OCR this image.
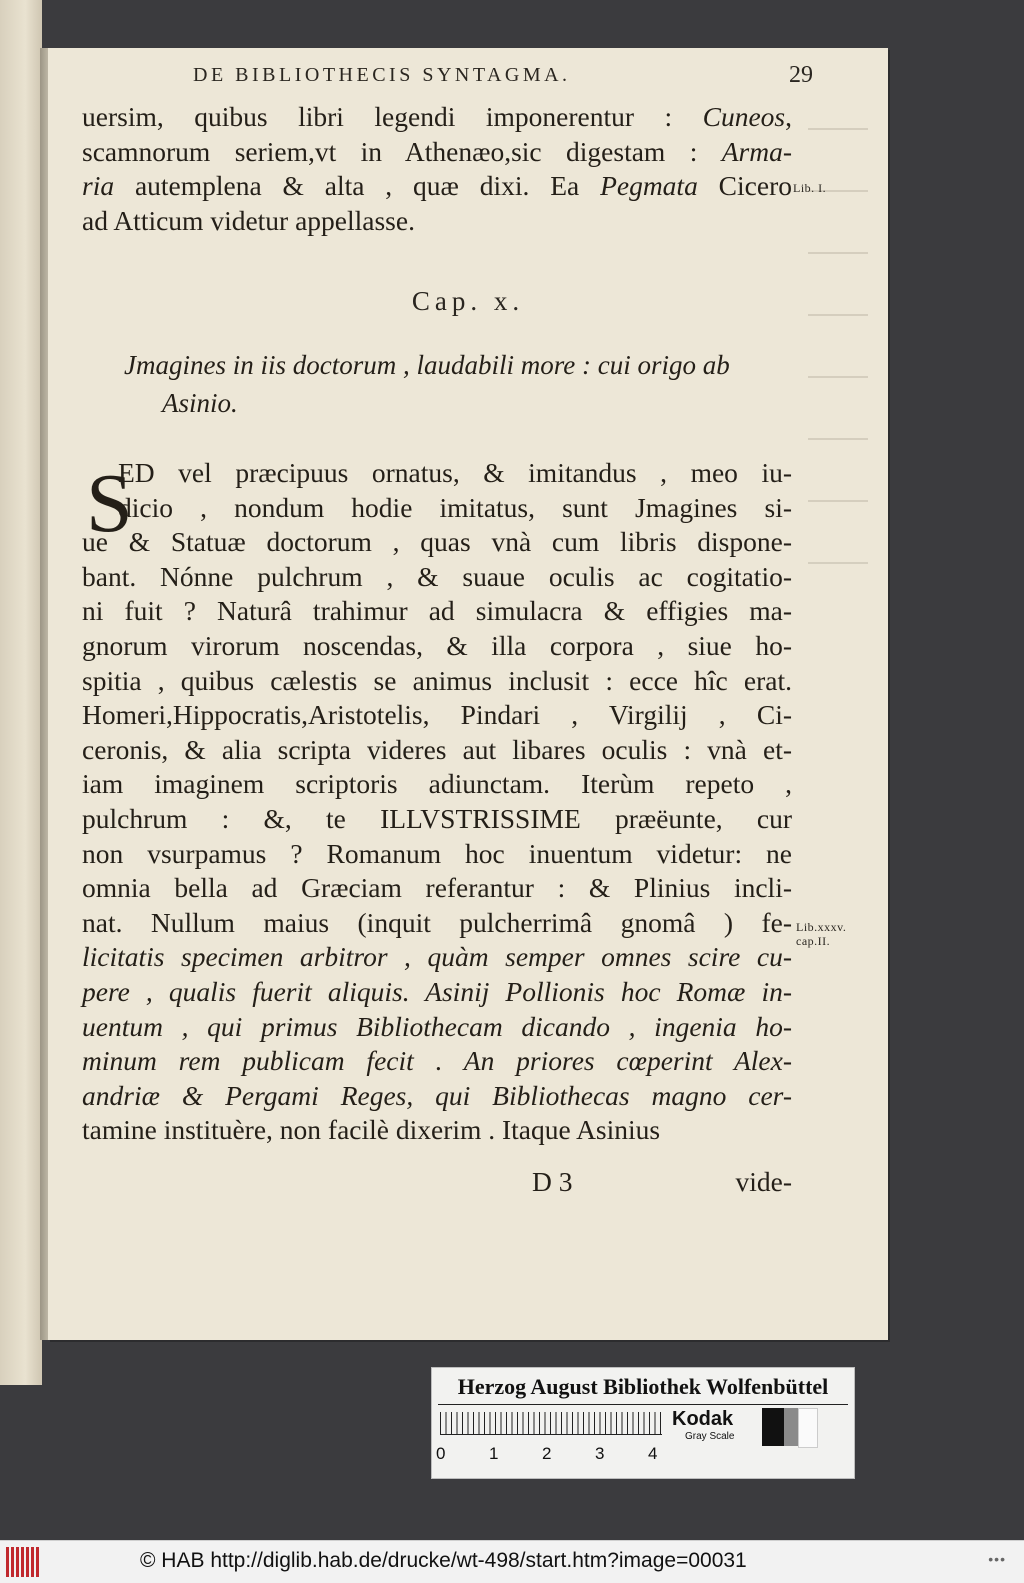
DE BIBLIOTHECIS SYNTAGMA.	29
uersim, quibus libri legendi imponerentur : Cuneos,
scamnorum seriem,vt in Athenæo,sic digestam : Arma-
ria autemplena & alta , quæ dixi. Ea Pegmata Cicero
ad Atticum videtur appellasse.
Lib. I.
Cap. x.
Jmagines in iis doctorum , laudabili more : cui origo ab
Asinio.
S
ED vel præcipuus ornatus, & imitandus , meo iu-
dicio , nondum hodie imitatus, sunt Jmagines si-
ue & Statuæ doctorum , quas vnà cum libris dispone-
bant. Nónne pulchrum , & suaue oculis ac cogitatio-
ni fuit ? Naturâ trahimur ad simulacra & effigies ma-
gnorum virorum noscendas, & illa corpora , siue ho-
spitia , quibus cælestis se animus inclusit : ecce hîc erat.
Homeri,Hippocratis,Aristotelis, Pindari , Virgilij , Ci-
ceronis, & alia scripta videres aut libares oculis : vnà et-
iam imaginem scriptoris adiunctam. Iterùm repeto ,
pulchrum : &, te ILLVSTRISSIME præëunte, cur
non vsurpamus ? Romanum hoc inuentum videtur: ne
omnia bella ad Græciam referantur : & Plinius incli-
nat. Nullum maius (inquit pulcherrimâ gnomâ ) fe-
licitatis specimen arbitror , quàm semper omnes scire cu-
pere , qualis fuerit aliquis. Asinij Pollionis hoc Romæ in-
uentum , qui primus Bibliothecam dicando , ingenia ho-
minum rem publicam fecit . An priores cœperint Alex-
andriæ & Pergami Reges, qui Bibliothecas magno cer-
tamine instituère, non facilè dixerim . Itaque Asinius
Lib.xxxv.
cap.II.
D 3	vide-
Herzog August Bibliothek Wolfenbüttel
0	1	2	3	4
Kodak
Gray Scale
© HAB http://diglib.hab.de/drucke/wt-498/start.htm?image=00031	•••
